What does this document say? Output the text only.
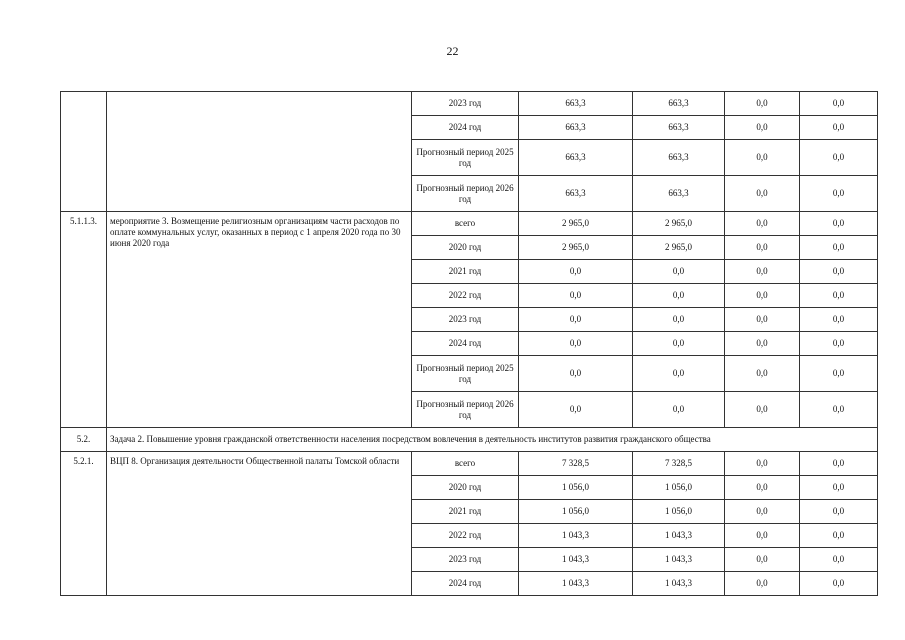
22
		2023 год	663,3	663,3	0,0	0,0
		2024 год	663,3	663,3	0,0	0,0
		Прогнозный период 2025 год	663,3	663,3	0,0	0,0
		Прогнозный период 2026 год	663,3	663,3	0,0	0,0
5.1.1.3.	мероприятие 3. Возмещение религиозным организациям части расходов по оплате коммунальных услуг, оказанных в период с 1 апреля 2020 года по 30 июня 2020 года	всего	2 965,0	2 965,0	0,0	0,0
		2020 год	2 965,0	2 965,0	0,0	0,0
		2021 год	0,0	0,0	0,0	0,0
		2022 год	0,0	0,0	0,0	0,0
		2023 год	0,0	0,0	0,0	0,0
		2024 год	0,0	0,0	0,0	0,0
		Прогнозный период 2025 год	0,0	0,0	0,0	0,0
		Прогнозный период 2026 год	0,0	0,0	0,0	0,0
5.2.	Задача 2. Повышение уровня гражданской ответственности населения посредством вовлечения в деятельность институтов развития гражданского общества					
5.2.1.	ВЦП 8. Организация деятельности Общественной палаты Томской области	всего	7 328,5	7 328,5	0,0	0,0
		2020 год	1 056,0	1 056,0	0,0	0,0
		2021 год	1 056,0	1 056,0	0,0	0,0
		2022 год	1 043,3	1 043,3	0,0	0,0
		2023 год	1 043,3	1 043,3	0,0	0,0
		2024 год	1 043,3	1 043,3	0,0	0,0
